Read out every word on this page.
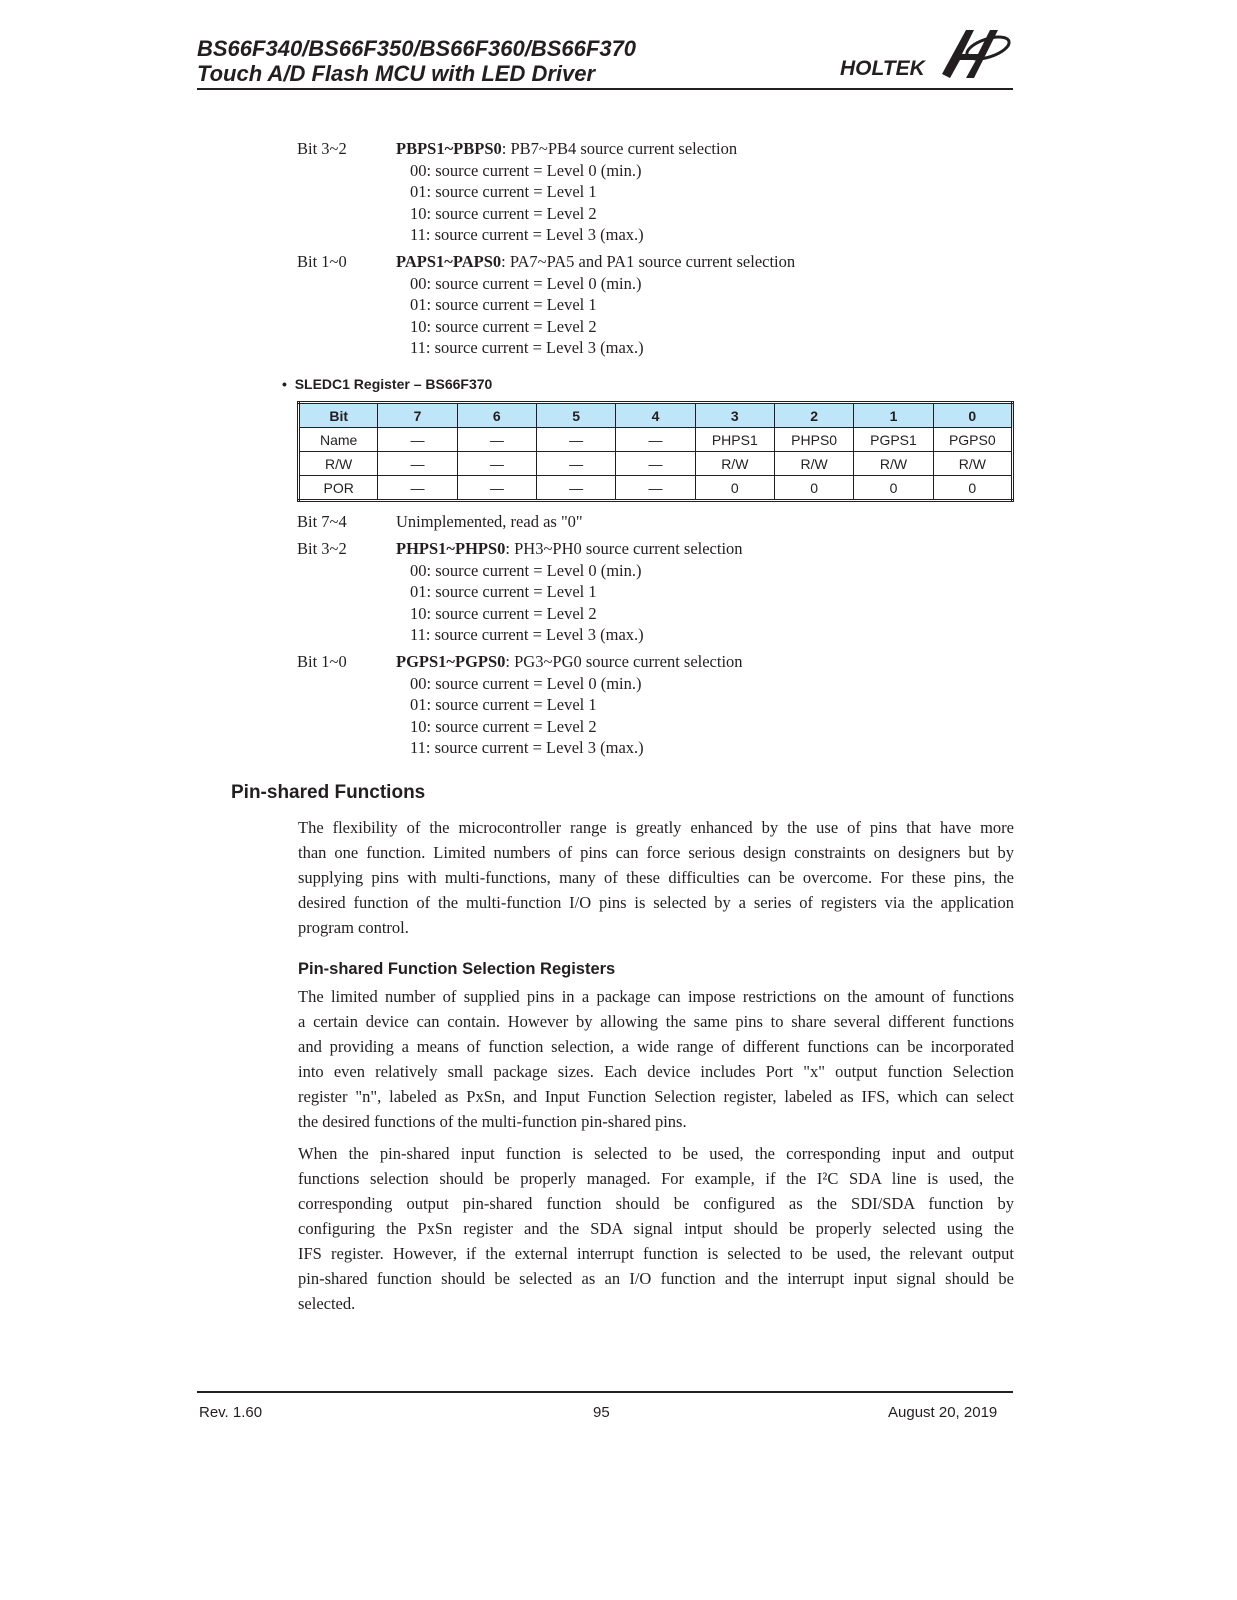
BS66F340/BS66F350/BS66F360/BS66F370
Touch A/D Flash MCU with LED Driver	HOLTEK
Bit 3~2	PBPS1~PBPS0: PB7~PB4 source current selection
00: source current = Level 0 (min.)
01: source current = Level 1
10: source current = Level 2
11: source current = Level 3 (max.)
Bit 1~0	PAPS1~PAPS0: PA7~PA5 and PA1 source current selection
00: source current = Level 0 (min.)
01: source current = Level 1
10: source current = Level 2
11: source current = Level 3 (max.)
• SLEDC1 Register – BS66F370
Bit	7	6	5	4	3	2	1	0
Name	—	—	—	—	PHPS1	PHPS0	PGPS1	PGPS0
R/W	—	—	—	—	R/W	R/W	R/W	R/W
POR	—	—	—	—	0	0	0	0
Bit 7~4	Unimplemented, read as "0"
Bit 3~2	PHPS1~PHPS0: PH3~PH0 source current selection
00: source current = Level 0 (min.)
01: source current = Level 1
10: source current = Level 2
11: source current = Level 3 (max.)
Bit 1~0	PGPS1~PGPS0: PG3~PG0 source current selection
00: source current = Level 0 (min.)
01: source current = Level 1
10: source current = Level 2
11: source current = Level 3 (max.)
Pin-shared Functions
The flexibility of the microcontroller range is greatly enhanced by the use of pins that have more
than one function. Limited numbers of pins can force serious design constraints on designers but by
supplying pins with multi-functions, many of these difficulties can be overcome. For these pins, the
desired function of the multi-function I/O pins is selected by a series of registers via the application
program control.
Pin-shared Function Selection Registers
The limited number of supplied pins in a package can impose restrictions on the amount of functions
a certain device can contain. However by allowing the same pins to share several different functions
and providing a means of function selection, a wide range of different functions can be incorporated
into even relatively small package sizes. Each device includes Port "x" output function Selection
register "n", labeled as PxSn, and Input Function Selection register, labeled as IFS, which can select
the desired functions of the multi-function pin-shared pins.
When the pin-shared input function is selected to be used, the corresponding input and output
functions selection should be properly managed. For example, if the I²C SDA line is used, the
corresponding output pin-shared function should be configured as the SDI/SDA function by
configuring the PxSn register and the SDA signal intput should be properly selected using the
IFS register. However, if the external interrupt function is selected to be used, the relevant output
pin-shared function should be selected as an I/O function and the interrupt input signal should be
selected.
Rev. 1.60	95	August 20, 2019
